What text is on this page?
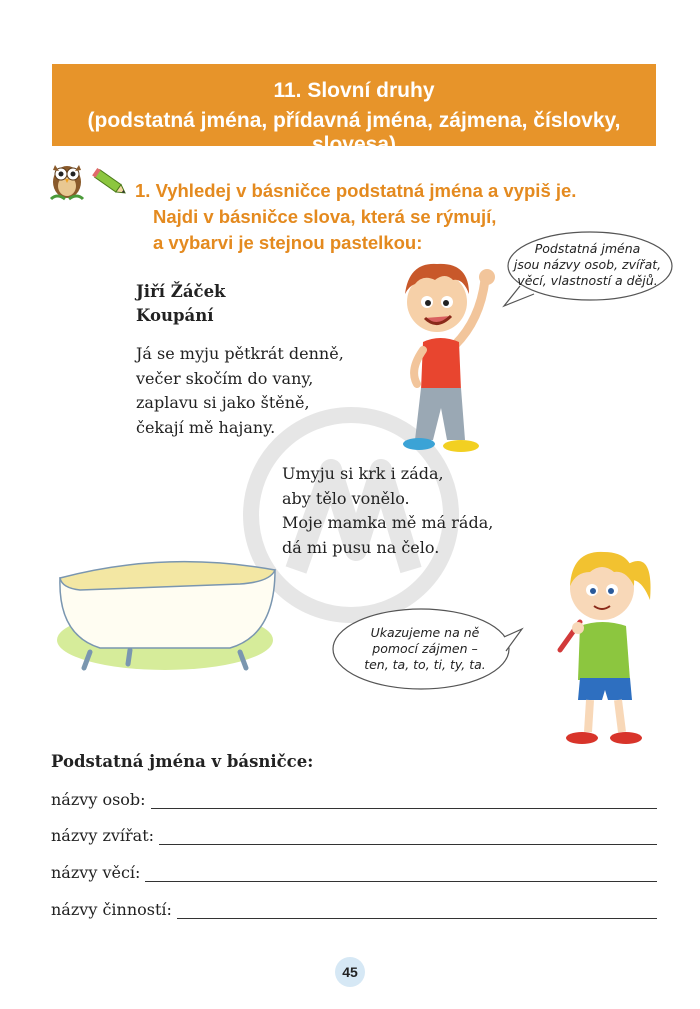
11. Slovní druhy
(podstatná jména, přídavná jména, zájmena, číslovky, slovesa)
1. Vyhledej v básničce podstatná jména a vypiš je.
Najdi v básničce slova, která se rýmují,
a vybarvi je stejnou pastelkou:
Jiří Žáček
Koupání
Já se myju pětkrát denně,
večer skočím do vany,
zaplavu si jako štěně,
čekají mě hajany.
Umyju si krk i záda,
aby tělo vonělo.
Moje mamka mě má ráda,
dá mi pusu na čelo.
Podstatná jména
jsou názvy osob, zvířat,
věcí, vlastností a dějů.
Ukazujeme na ně
pomocí zájmen –
ten, ta, to, ti, ty, ta.
Podstatná jména v básničce:
názvy osob:
názvy zvířat:
názvy věcí:
názvy činností:
45
